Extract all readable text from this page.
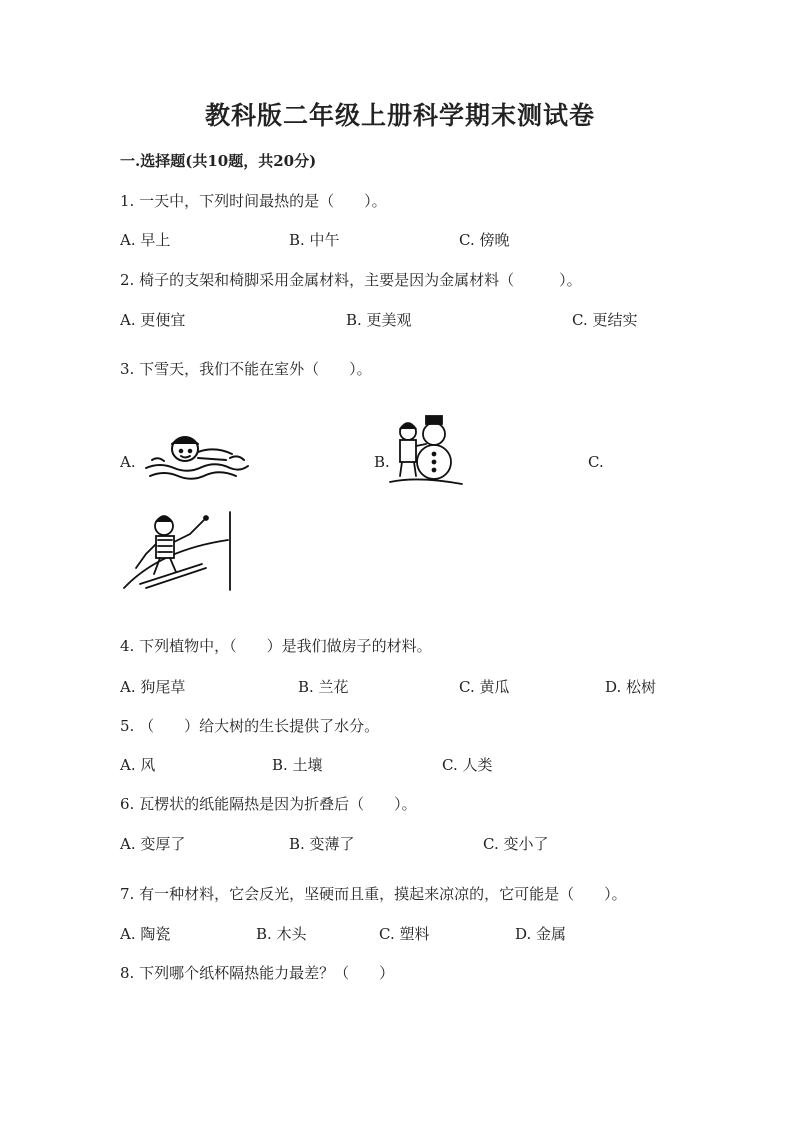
教科版二年级上册科学期末测试卷
一.选择题(共10题，共20分)
1. 一天中，下列时间最热的是（　　）。
A. 早上	B. 中午	C. 傍晚
2. 椅子的支架和椅脚采用金属材料，主要是因为金属材料（　　　）。
A. 更便宜	B. 更美观	C. 更结实
3. 下雪天，我们不能在室外（　　）。
A.	B.	C.
4. 下列植物中，（　　）是我们做房子的材料。
A. 狗尾草	B. 兰花	C. 黄瓜	D. 松树
5. （　　）给大树的生长提供了水分。
A. 风	B. 土壤	C. 人类
6. 瓦楞状的纸能隔热是因为折叠后（　　）。
A. 变厚了	B. 变薄了	C. 变小了
7. 有一种材料，它会反光，坚硬而且重，摸起来凉凉的，它可能是（　　）。
A. 陶瓷	B. 木头	C. 塑料	D. 金属
8. 下列哪个纸杯隔热能力最差？（　　）
